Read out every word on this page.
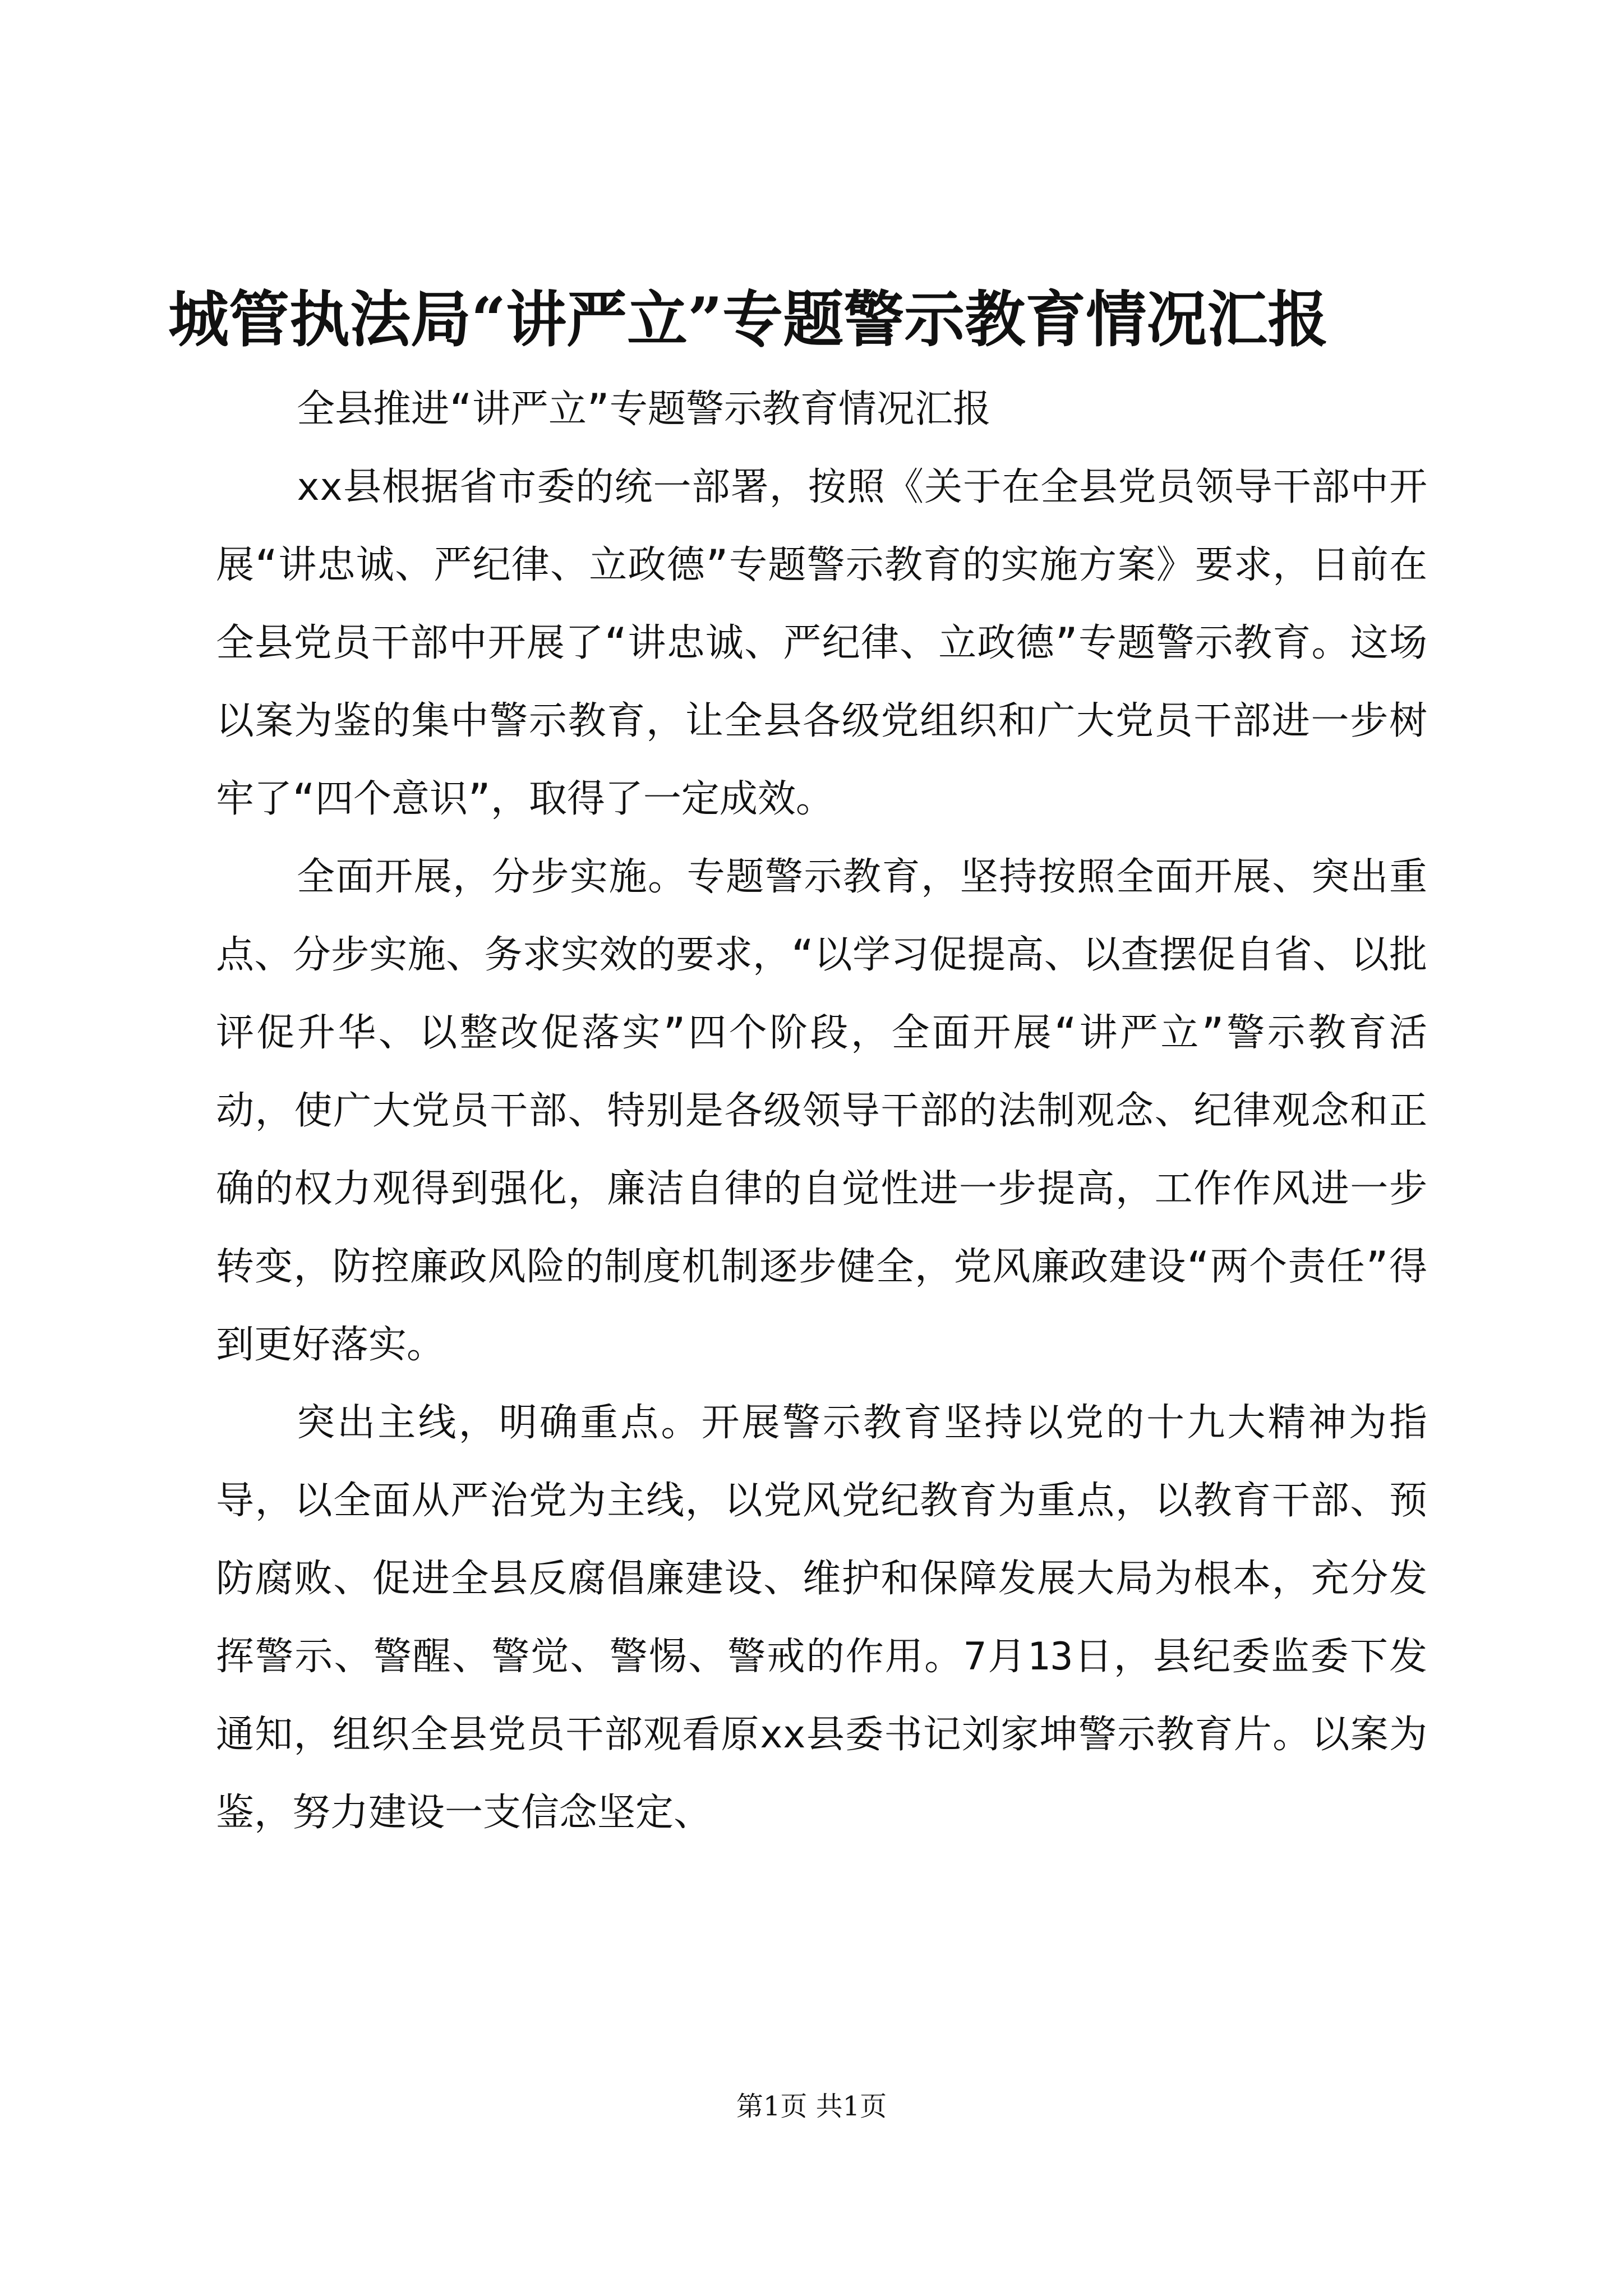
城管执法局“讲严立”专题警示教育情况汇报

全县推进“讲严立”专题警示教育情况汇报

xx县根据省市委的统一部署，按照《关于在全县党员领导干部中开展“讲忠诚、严纪律、立政德”专题警示教育的实施方案》要求，日前在全县党员干部中开展了“讲忠诚、严纪律、立政德”专题警示教育。这场以案为鉴的集中警示教育，让全县各级党组织和广大党员干部进一步树牢了“四个意识”，取得了一定成效。

全面开展，分步实施。专题警示教育，坚持按照全面开展、突出重点、分步实施、务求实效的要求，“以学习促提高、以查摆促自省、以批评促升华、以整改促落实”四个阶段，全面开展“讲严立”警示教育活动，使广大党员干部、特别是各级领导干部的法制观念、纪律观念和正确的权力观得到强化，廉洁自律的自觉性进一步提高，工作作风进一步转变，防控廉政风险的制度机制逐步健全，党风廉政建设“两个责任”得到更好落实。

突出主线，明确重点。开展警示教育坚持以党的十九大精神为指导，以全面从严治党为主线，以党风党纪教育为重点，以教育干部、预防腐败、促进全县反腐倡廉建设、维护和保障发展大局为根本，充分发挥警示、警醒、警觉、警惕、警戒的作用。7月13日，县纪委监委下发通知，组织全县党员干部观看原xx县委书记刘家坤警示教育片。以案为鉴，努力建设一支信念坚定、

第1页 共1页
